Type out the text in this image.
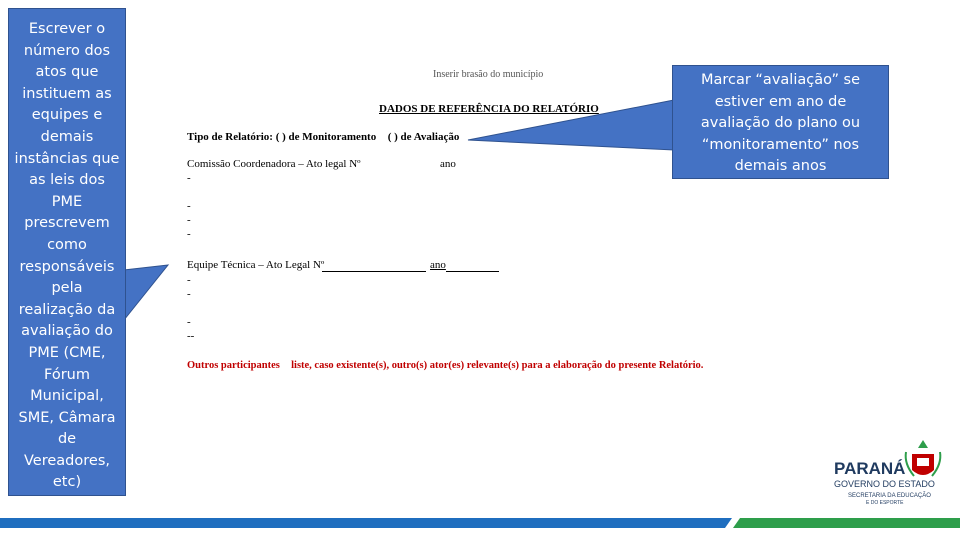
Escrever o número dos atos que instituem as equipes e demais instâncias que as leis dos PME prescrevem como responsáveis pela realização da avaliação do PME (CME, Fórum Municipal, SME, Câmara de Vereadores, etc)
Marcar “avaliação” se estiver em ano de avaliação do plano ou “monitoramento” nos demais anos
Inserir brasão do município
DADOS DE REFERÊNCIA DO RELATÓRIO
Tipo de Relatório: ( ) de Monitoramento ( ) de Avaliação
Comissão Coordenadora – Ato legal Nº	ano
-
-
-
-
Equipe Técnica – Ato Legal Nº	ano
-
-
-
--
Outros participantes liste, caso existente(s), outro(s) ator(es) relevante(s) para a elaboração do presente Relatório.
PARANÁ
GOVERNO DO ESTADO
SECRETARIA DA EDUCAÇÃO
E DO ESPORTE
